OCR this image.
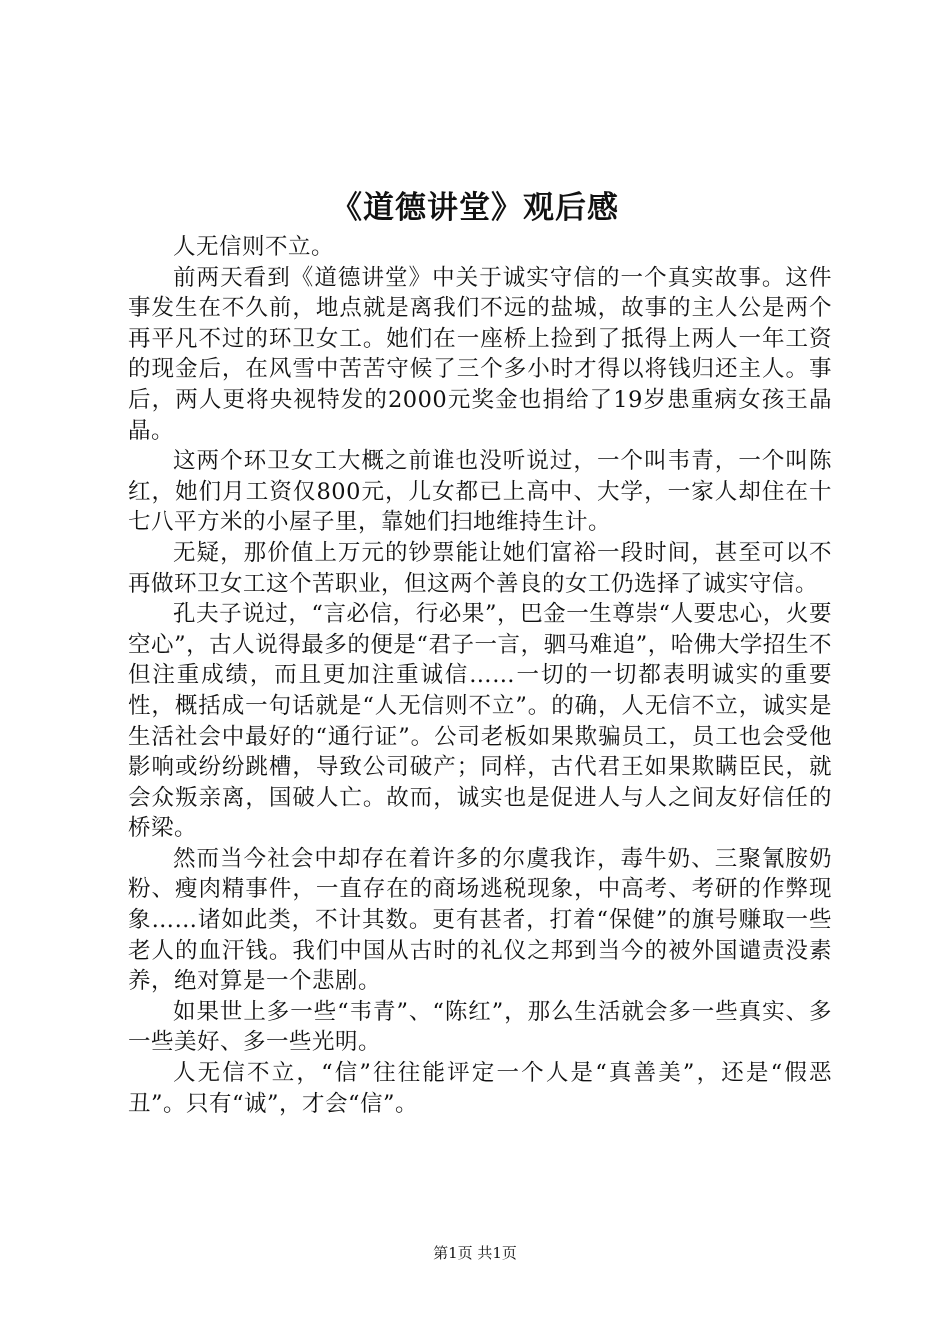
《道德讲堂》观后感

人无信则不立。

前两天看到《道德讲堂》中关于诚实守信的一个真实故事。这件事发生在不久前，地点就是离我们不远的盐城，故事的主人公是两个再平凡不过的环卫女工。她们在一座桥上捡到了抵得上两人一年工资的现金后，在风雪中苦苦守候了三个多小时才得以将钱归还主人。事后，两人更将央视特发的2000元奖金也捐给了19岁患重病女孩王晶晶。

这两个环卫女工大概之前谁也没听说过，一个叫韦青，一个叫陈红，她们月工资仅800元，儿女都已上高中、大学，一家人却住在十七八平方米的小屋子里，靠她们扫地维持生计。

无疑，那价值上万元的钞票能让她们富裕一段时间，甚至可以不再做环卫女工这个苦职业，但这两个善良的女工仍选择了诚实守信。

孔夫子说过，“言必信，行必果”，巴金一生尊崇“人要忠心，火要空心”，古人说得最多的便是“君子一言，驷马难追”，哈佛大学招生不但注重成绩，而且更加注重诚信……一切的一切都表明诚实的重要性，概括成一句话就是“人无信则不立”。的确，人无信不立，诚实是生活社会中最好的“通行证”。公司老板如果欺骗员工，员工也会受他影响或纷纷跳槽，导致公司破产；同样，古代君王如果欺瞒臣民，就会众叛亲离，国破人亡。故而，诚实也是促进人与人之间友好信任的桥梁。

然而当今社会中却存在着许多的尔虞我诈，毒牛奶、三聚氰胺奶粉、瘦肉精事件，一直存在的商场逃税现象，中高考、考研的作弊现象……诸如此类，不计其数。更有甚者，打着“保健”的旗号赚取一些老人的血汗钱。我们中国从古时的礼仪之邦到当今的被外国谴责没素养，绝对算是一个悲剧。

如果世上多一些“韦青”、“陈红”，那么生活就会多一些真实、多一些美好、多一些光明。

人无信不立，“信”往往能评定一个人是“真善美”，还是“假恶丑”。只有“诚”，才会“信”。

第1页 共1页
